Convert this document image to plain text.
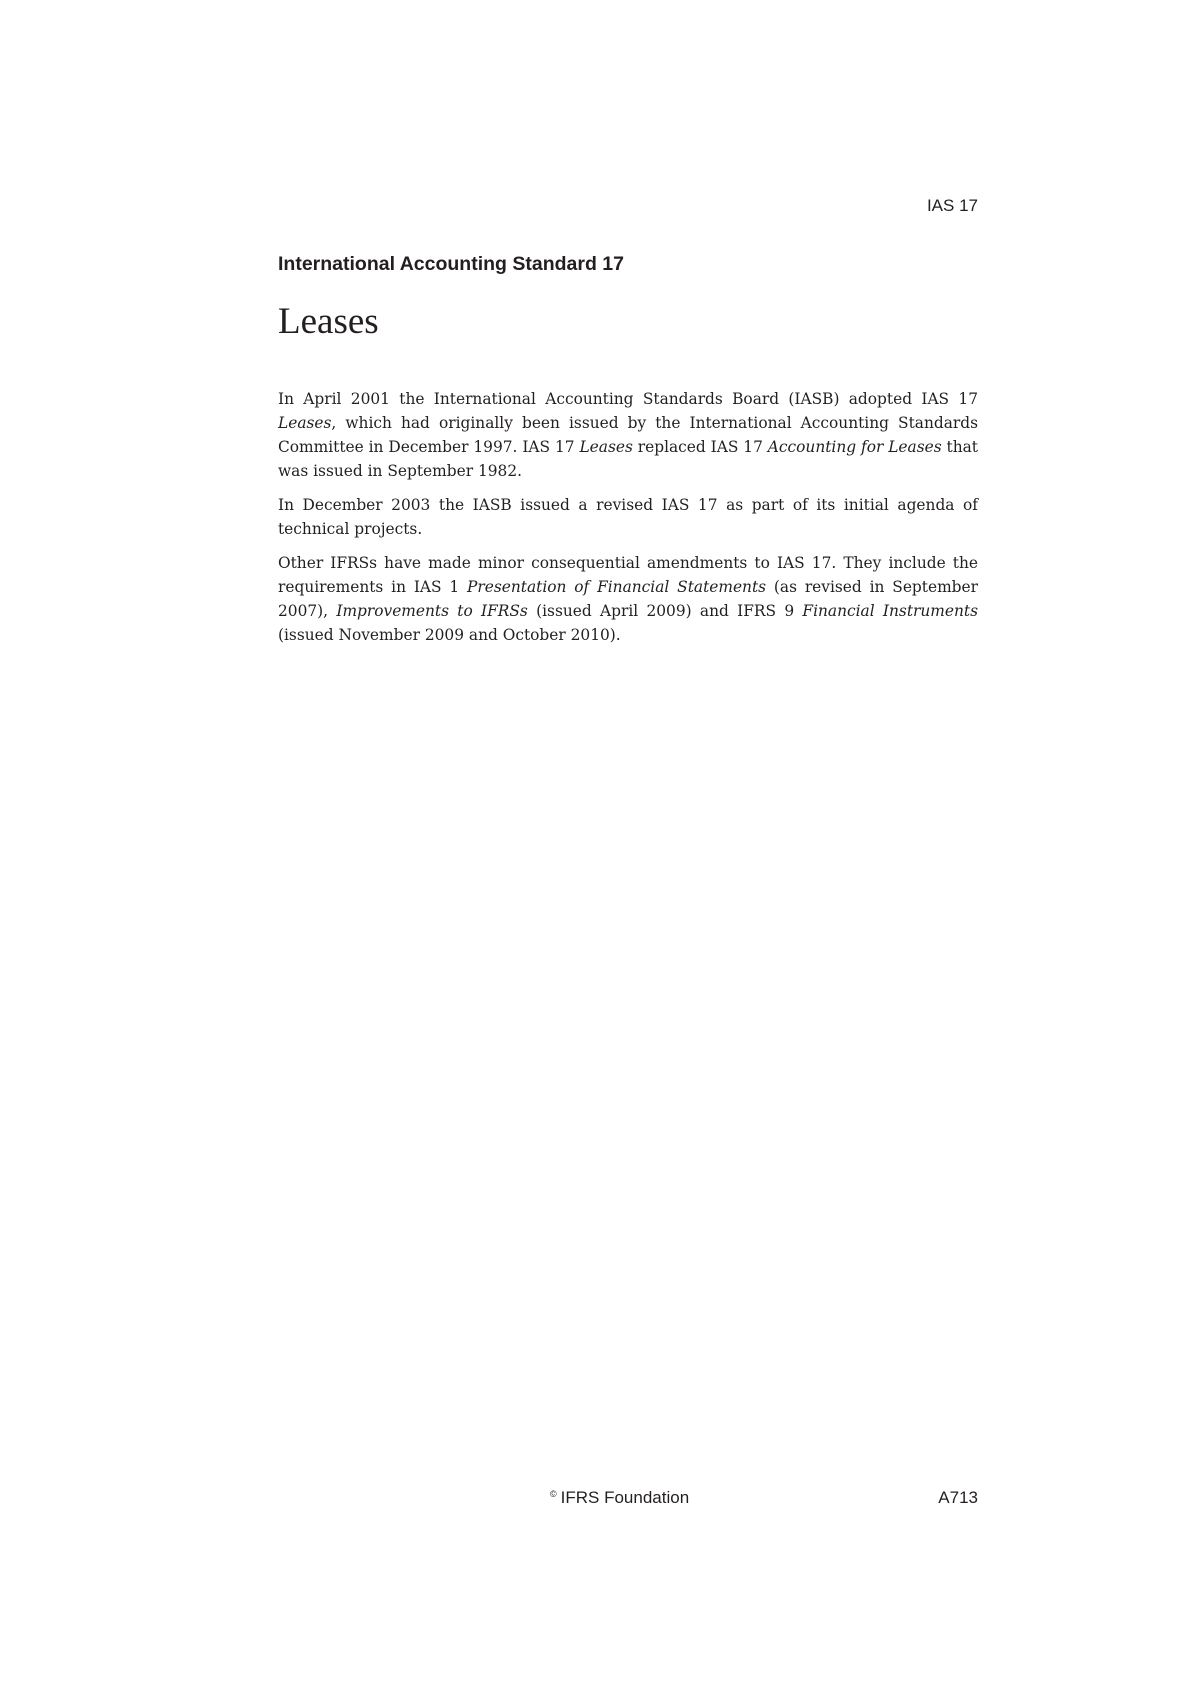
IAS 17
International Accounting Standard 17
Leases

In April 2001 the International Accounting Standards Board (IASB) adopted IAS 17 Leases, which had originally been issued by the International Accounting Standards Committee in December 1997. IAS 17 Leases replaced IAS 17 Accounting for Leases that was issued in September 1982.

In December 2003 the IASB issued a revised IAS 17 as part of its initial agenda of technical projects.

Other IFRSs have made minor consequential amendments to IAS 17. They include the requirements in IAS 1 Presentation of Financial Statements (as revised in September 2007), Improvements to IFRSs (issued April 2009) and IFRS 9 Financial Instruments (issued November 2009 and October 2010).

© IFRS Foundation	A713
